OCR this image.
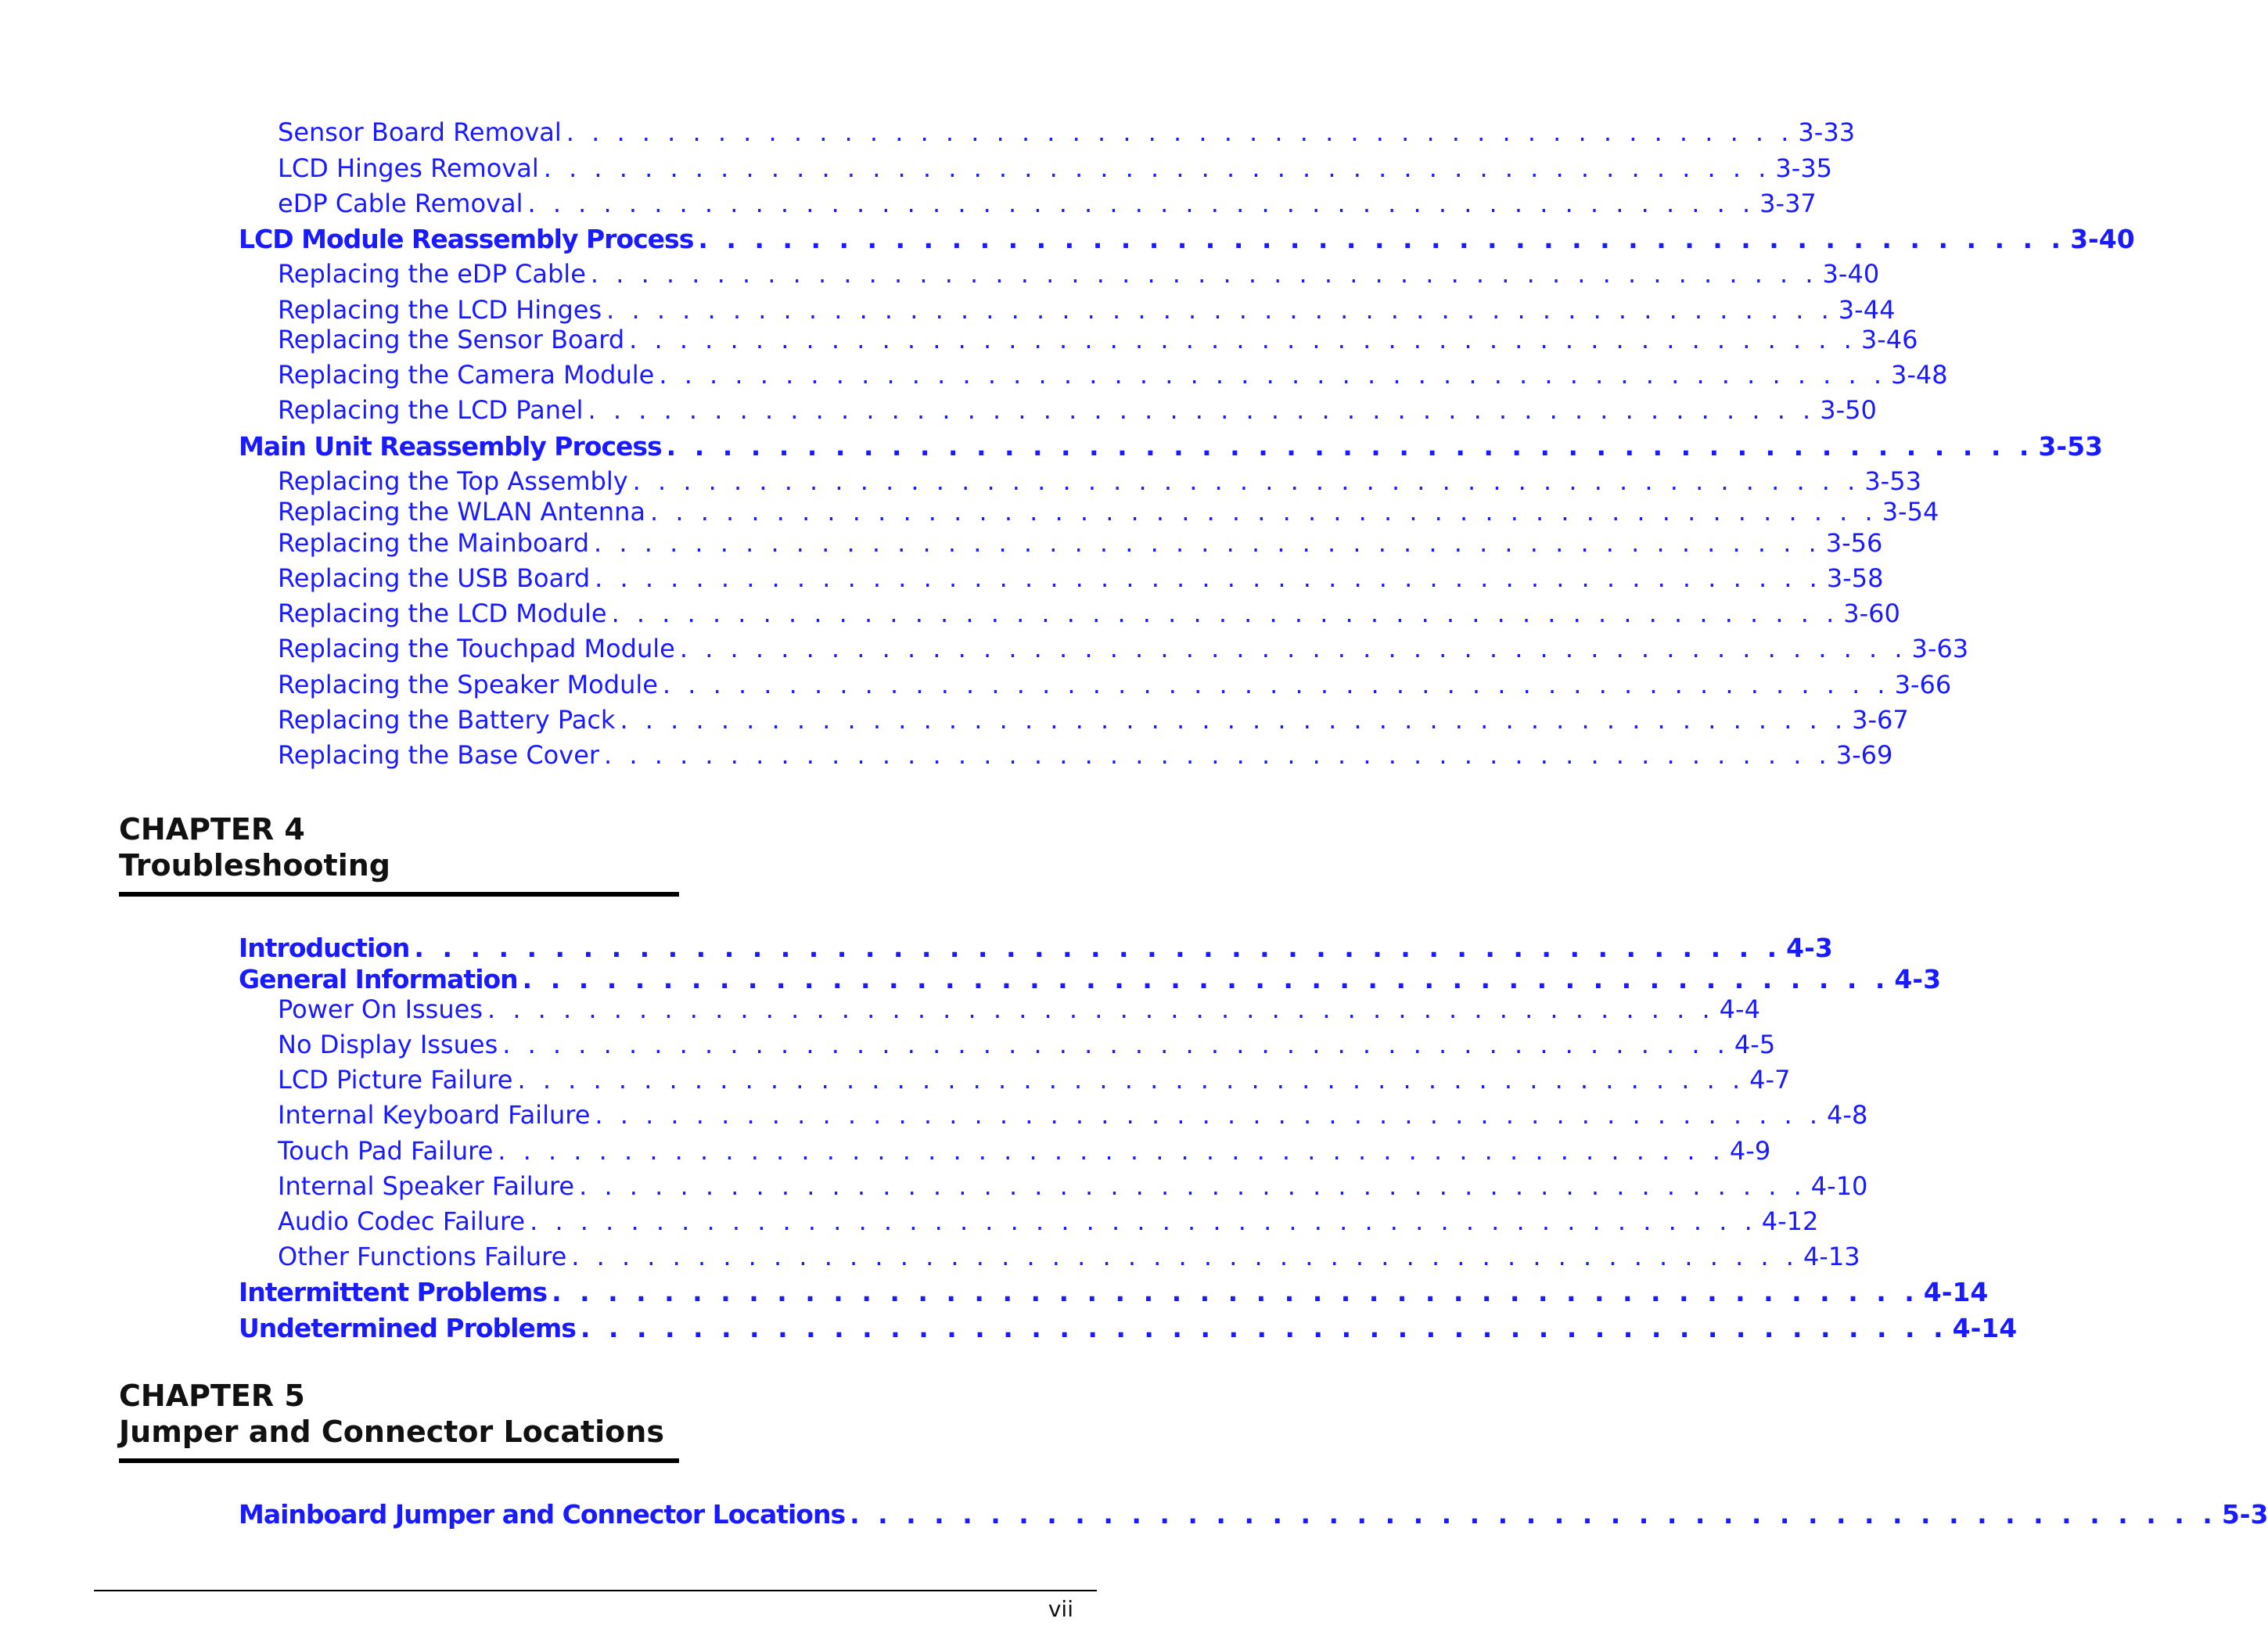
Sensor Board Removal . . . . . . . . . . . . . . . . . . . . . . . . . . . . . . . . . . . . . . . . . . . . . . . . . 3-33
LCD Hinges Removal . . . . . . . . . . . . . . . . . . . . . . . . . . . . . . . . . . . . . . . . . . . . . . . . . 3-35
eDP Cable Removal . . . . . . . . . . . . . . . . . . . . . . . . . . . . . . . . . . . . . . . . . . . . . . . . . 3-37
LCD Module Reassembly Process . . . . . . . . . . . . . . . . . . . . . . . . . . . . . . . . . . . . . . . . . . . . . . . . . 3-40
Replacing the eDP Cable . . . . . . . . . . . . . . . . . . . . . . . . . . . . . . . . . . . . . . . . . . . . . . . . . 3-40
Replacing the LCD Hinges . . . . . . . . . . . . . . . . . . . . . . . . . . . . . . . . . . . . . . . . . . . . . . . . . 3-44
Replacing the Sensor Board . . . . . . . . . . . . . . . . . . . . . . . . . . . . . . . . . . . . . . . . . . . . . . . . . 3-46
Replacing the Camera Module . . . . . . . . . . . . . . . . . . . . . . . . . . . . . . . . . . . . . . . . . . . . . . . . . 3-48
Replacing the LCD Panel . . . . . . . . . . . . . . . . . . . . . . . . . . . . . . . . . . . . . . . . . . . . . . . . . 3-50
Main Unit Reassembly Process . . . . . . . . . . . . . . . . . . . . . . . . . . . . . . . . . . . . . . . . . . . . . . . . . 3-53
Replacing the Top Assembly . . . . . . . . . . . . . . . . . . . . . . . . . . . . . . . . . . . . . . . . . . . . . . . . . 3-53
Replacing the WLAN Antenna . . . . . . . . . . . . . . . . . . . . . . . . . . . . . . . . . . . . . . . . . . . . . . . . . 3-54
Replacing the Mainboard . . . . . . . . . . . . . . . . . . . . . . . . . . . . . . . . . . . . . . . . . . . . . . . . . 3-56
Replacing the USB Board . . . . . . . . . . . . . . . . . . . . . . . . . . . . . . . . . . . . . . . . . . . . . . . . . 3-58
Replacing the LCD Module . . . . . . . . . . . . . . . . . . . . . . . . . . . . . . . . . . . . . . . . . . . . . . . . . 3-60
Replacing the Touchpad Module . . . . . . . . . . . . . . . . . . . . . . . . . . . . . . . . . . . . . . . . . . . . . . . . . 3-63
Replacing the Speaker Module . . . . . . . . . . . . . . . . . . . . . . . . . . . . . . . . . . . . . . . . . . . . . . . . . 3-66
Replacing the Battery Pack . . . . . . . . . . . . . . . . . . . . . . . . . . . . . . . . . . . . . . . . . . . . . . . . . 3-67
Replacing the Base Cover . . . . . . . . . . . . . . . . . . . . . . . . . . . . . . . . . . . . . . . . . . . . . . . . . 3-69
CHAPTER 4
Troubleshooting
Introduction . . . . . . . . . . . . . . . . . . . . . . . . . . . . . . . . . . . . . . . . . . . . . . . . . 4-3
General Information . . . . . . . . . . . . . . . . . . . . . . . . . . . . . . . . . . . . . . . . . . . . . . . . . 4-3
Power On Issues . . . . . . . . . . . . . . . . . . . . . . . . . . . . . . . . . . . . . . . . . . . . . . . . . 4-4
No Display Issues . . . . . . . . . . . . . . . . . . . . . . . . . . . . . . . . . . . . . . . . . . . . . . . . . 4-5
LCD Picture Failure . . . . . . . . . . . . . . . . . . . . . . . . . . . . . . . . . . . . . . . . . . . . . . . . . 4-7
Internal Keyboard Failure . . . . . . . . . . . . . . . . . . . . . . . . . . . . . . . . . . . . . . . . . . . . . . . . . 4-8
Touch Pad Failure . . . . . . . . . . . . . . . . . . . . . . . . . . . . . . . . . . . . . . . . . . . . . . . . . 4-9
Internal Speaker Failure . . . . . . . . . . . . . . . . . . . . . . . . . . . . . . . . . . . . . . . . . . . . . . . . . 4-10
Audio Codec Failure . . . . . . . . . . . . . . . . . . . . . . . . . . . . . . . . . . . . . . . . . . . . . . . . . 4-12
Other Functions Failure . . . . . . . . . . . . . . . . . . . . . . . . . . . . . . . . . . . . . . . . . . . . . . . . . 4-13
Intermittent Problems . . . . . . . . . . . . . . . . . . . . . . . . . . . . . . . . . . . . . . . . . . . . . . . . . 4-14
Undetermined Problems . . . . . . . . . . . . . . . . . . . . . . . . . . . . . . . . . . . . . . . . . . . . . . . . . 4-14
CHAPTER 5
Jumper and Connector Locations
Mainboard Jumper and Connector Locations . . . . . . . . . . . . . . . . . . . . . . . . . . . . . . . . . . . . . . . . . . . . . . . . . 5-3
vii
